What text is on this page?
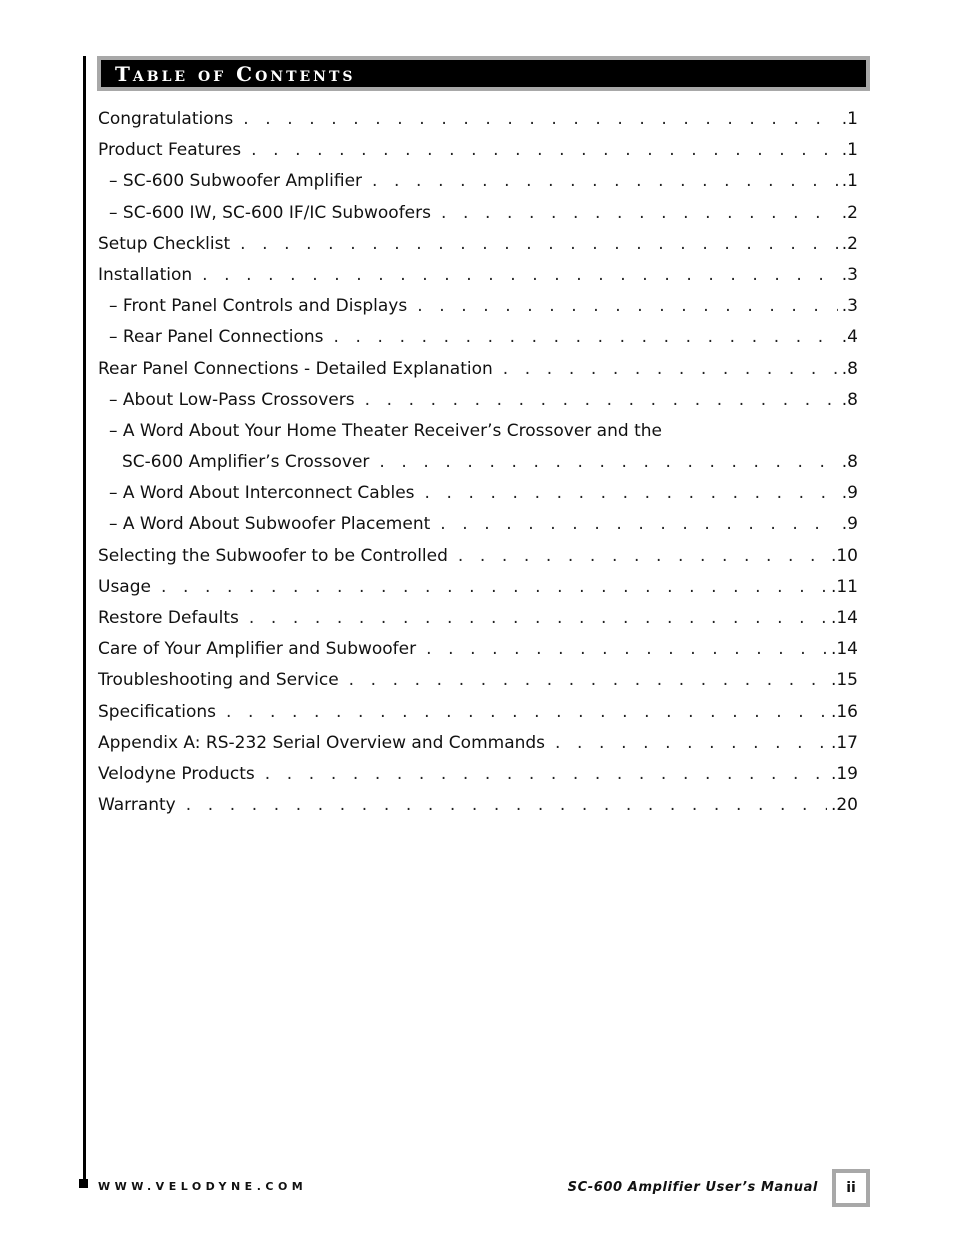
Table of Contents
Congratulations . . .	.1
Product Features . . .	.1
– SC-600 Subwoofer Amplifier . . .	.1
– SC-600 IW, SC-600 IF/IC Subwoofers . . .	.2
Setup Checklist . . .	.2
Installation . . .	.3
– Front Panel Controls and Displays . . .	.3
– Rear Panel Connections . . .	.4
Rear Panel Connections - Detailed Explanation . . .	.8
– About Low-Pass Crossovers . . .	.8
– A Word About Your Home Theater Receiver’s Crossover and the
SC-600 Amplifier’s Crossover . . .	.8
– A Word About Interconnect Cables . . .	.9
– A Word About Subwoofer Placement . . .	.9
Selecting the Subwoofer to be Controlled . . .	.10
Usage . . .	.11
Restore Defaults . . .	.14
Care of Your Amplifier and Subwoofer . . .	.14
Troubleshooting and Service . . .	.15
Specifications . . .	.16
Appendix A: RS-232 Serial Overview and Commands . . .	.17
Velodyne Products . . .	.19
Warranty . . .	.20
WWW.VELODYNE.COM	SC-600 Amplifier User’s Manual	ii
